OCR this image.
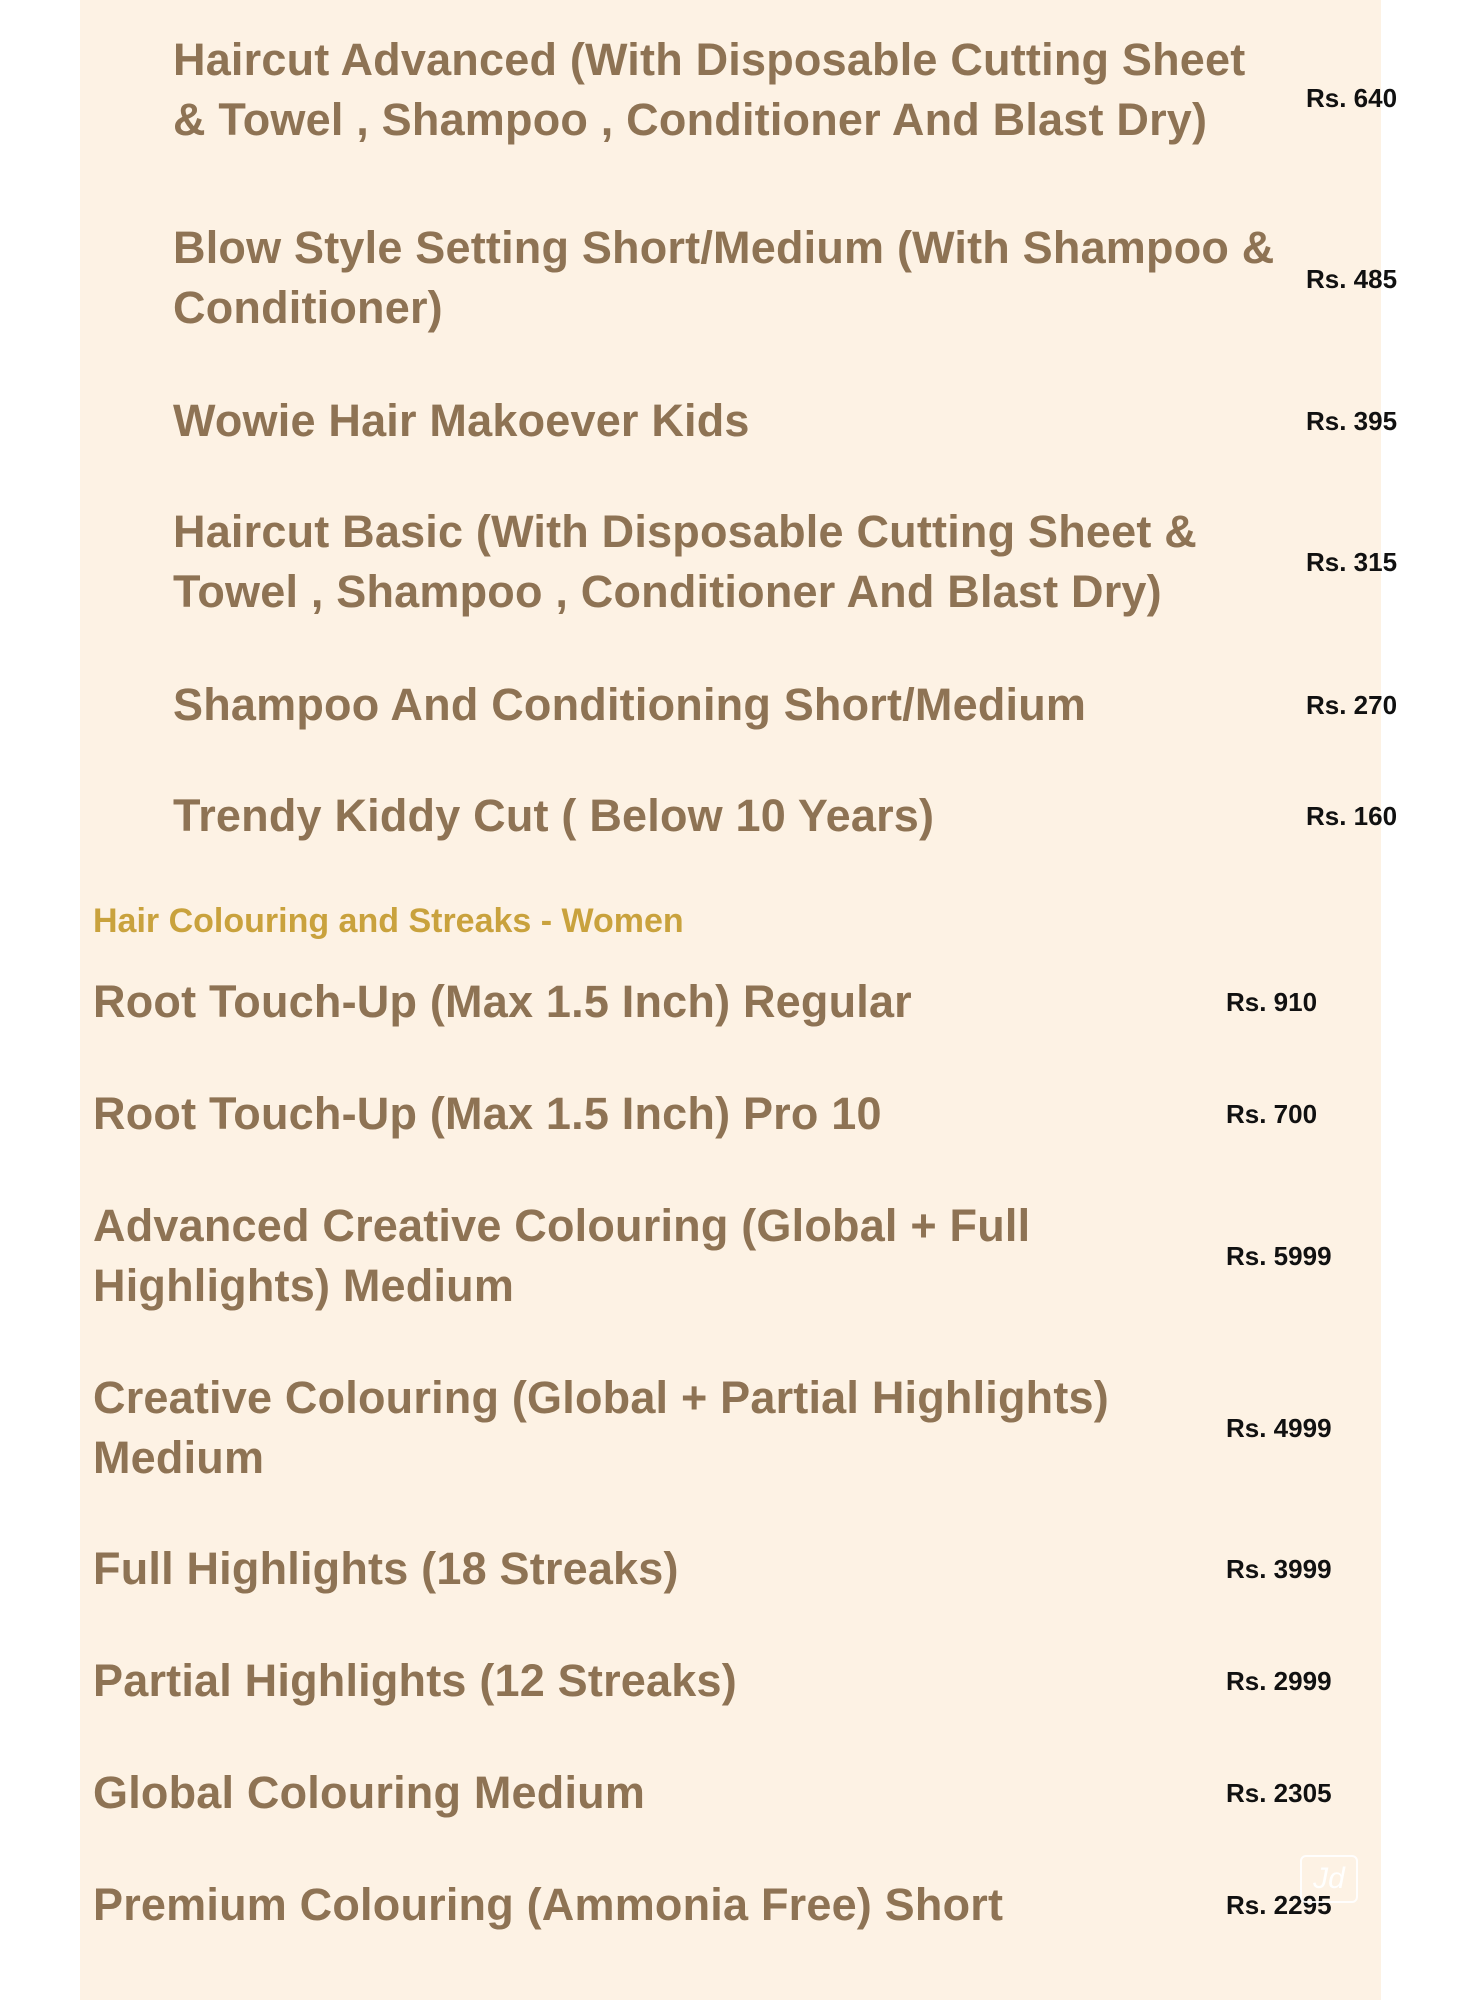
Haircut Advanced (With Disposable Cutting Sheet
& Towel , Shampoo , Conditioner And Blast Dry)	Rs. 640
Blow Style Setting Short/Medium (With Shampoo &
Conditioner)
Rs. 485
Wowie Hair Makoever Kids	Rs. 395
Haircut Basic (With Disposable Cutting Sheet &
Towel , Shampoo , Conditioner And Blast Dry)
Rs. 315
Shampoo And Conditioning Short/Medium	Rs. 270
Trendy Kiddy Cut ( Below 10 Years)	Rs. 160
Hair Colouring and Streaks - Women
Root Touch-Up (Max 1.5 Inch) Regular	Rs. 910
Root Touch-Up (Max 1.5 Inch) Pro 10	Rs. 700
Advanced Creative Colouring (Global + Full
Highlights) Medium
Rs. 5999
Creative Colouring (Global + Partial Highlights)
Medium
Rs. 4999
Full Highlights (18 Streaks)	Rs. 3999
Partial Highlights (12 Streaks)	Rs. 2999
Global Colouring Medium	Rs. 2305
Premium Colouring (Ammonia Free) Short	Rs. 2295
Jd
